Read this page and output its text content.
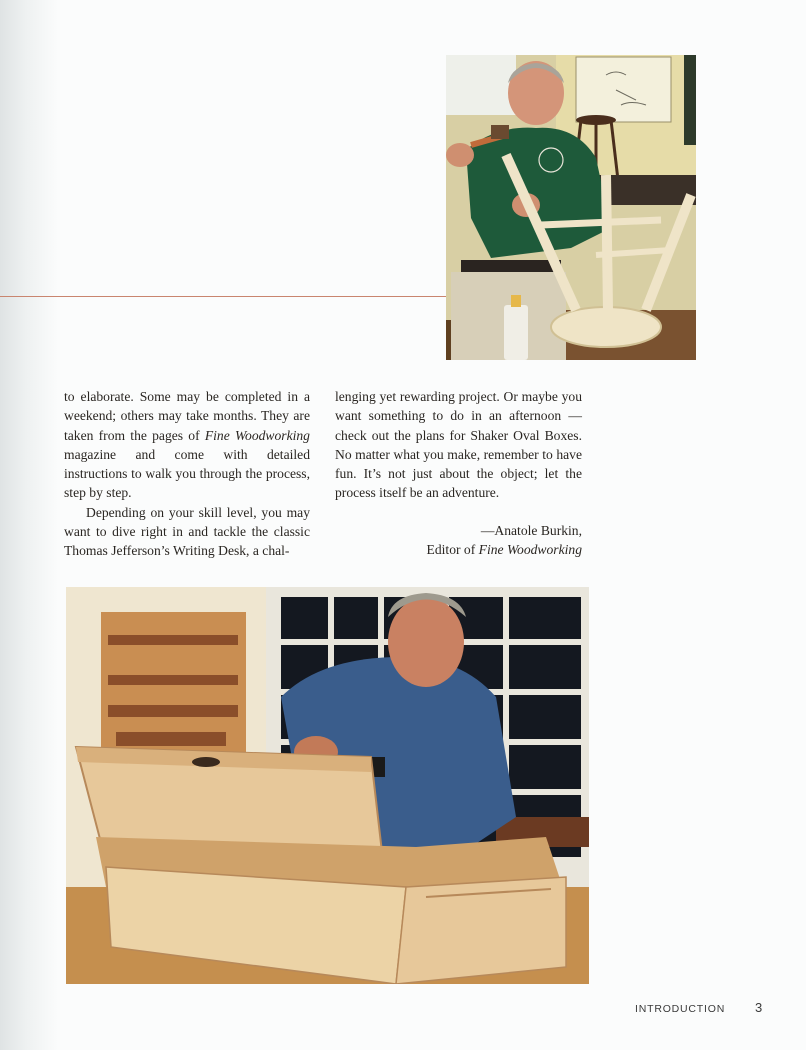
to elaborate. Some may be completed in a weekend; others may take months. They are taken from the pages of Fine Woodworking magazine and come with detailed instructions to walk you through the process, step by step.

Depending on your skill level, you may want to dive right in and tackle the classic Thomas Jefferson’s Writing Desk, a chal-

lenging yet rewarding project. Or maybe you want something to do in an afternoon —check out the plans for Shaker Oval Boxes. No matter what you make, remember to have fun. It’s not just about the object; let the process itself be an adventure.

—Anatole Burkin,
Editor of Fine Woodworking
INTRODUCTION 3
